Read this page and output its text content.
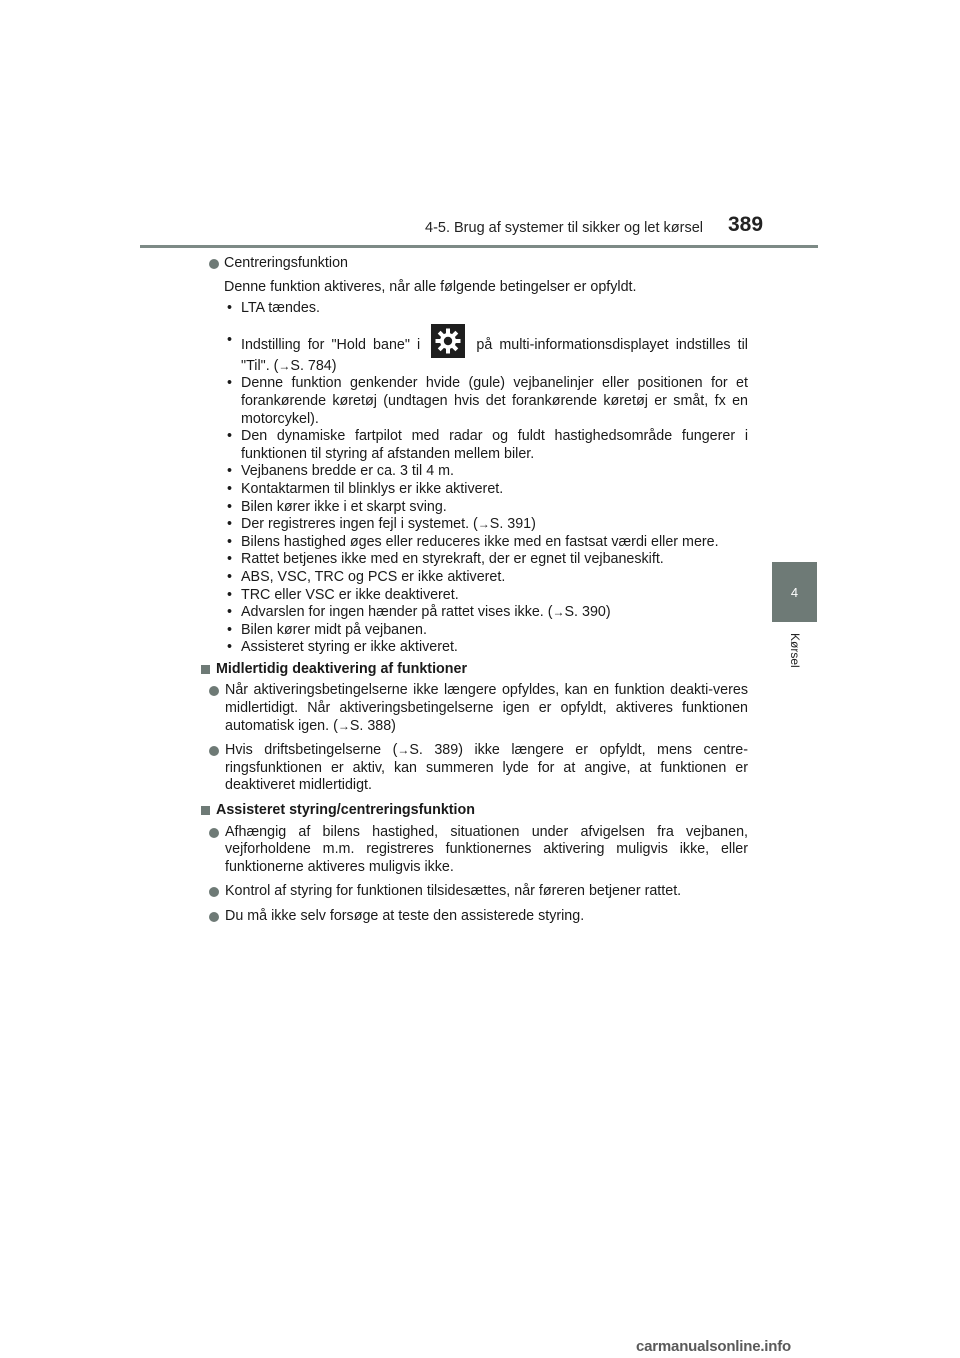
4-5. Brug af systemer til sikker og let kørsel 389
4
Kørsel
Centreringsfunktion
Denne funktion aktiveres, når alle følgende betingelser er opfyldt.
• LTA tændes.
• Indstilling for "Hold bane" i	på multi-informationsdisplayet indstilles til "Til". (→S. 784)
• Denne funktion genkender hvide (gule) vejbanelinjer eller positionen for et forankørende køretøj (undtagen hvis det forankørende køretøj er småt, fx en motorcykel).
• Den dynamiske fartpilot med radar og fuldt hastighedsområde fungerer i funktionen til styring af afstanden mellem biler.
• Vejbanens bredde er ca. 3 til 4 m.
• Kontaktarmen til blinklys er ikke aktiveret.
• Bilen kører ikke i et skarpt sving.
• Der registreres ingen fejl i systemet. (→S. 391)
• Bilens hastighed øges eller reduceres ikke med en fastsat værdi eller mere.
• Rattet betjenes ikke med en styrekraft, der er egnet til vejbaneskift.
• ABS, VSC, TRC og PCS er ikke aktiveret.
• TRC eller VSC er ikke deaktiveret.
• Advarslen for ingen hænder på rattet vises ikke. (→S. 390)
• Bilen kører midt på vejbanen.
• Assisteret styring er ikke aktiveret.
Midlertidig deaktivering af funktioner
Når aktiveringsbetingelserne ikke længere opfyldes, kan en funktion deakti-veres midlertidigt. Når aktiveringsbetingelserne igen er opfyldt, aktiveres funktionen automatisk igen. (→S. 388)
Hvis driftsbetingelserne (→S. 389) ikke længere er opfyldt, mens centre-ringsfunktionen er aktiv, kan summeren lyde for at angive, at funktionen er deaktiveret midlertidigt.
Assisteret styring/centreringsfunktion
Afhængig af bilens hastighed, situationen under afvigelsen fra vejbanen, vejforholdene m.m. registreres funktionernes aktivering muligvis ikke, eller funktionerne aktiveres muligvis ikke.
Kontrol af styring for funktionen tilsidesættes, når føreren betjener rattet.
Du må ikke selv forsøge at teste den assisterede styring.
carmanualsonline.info
